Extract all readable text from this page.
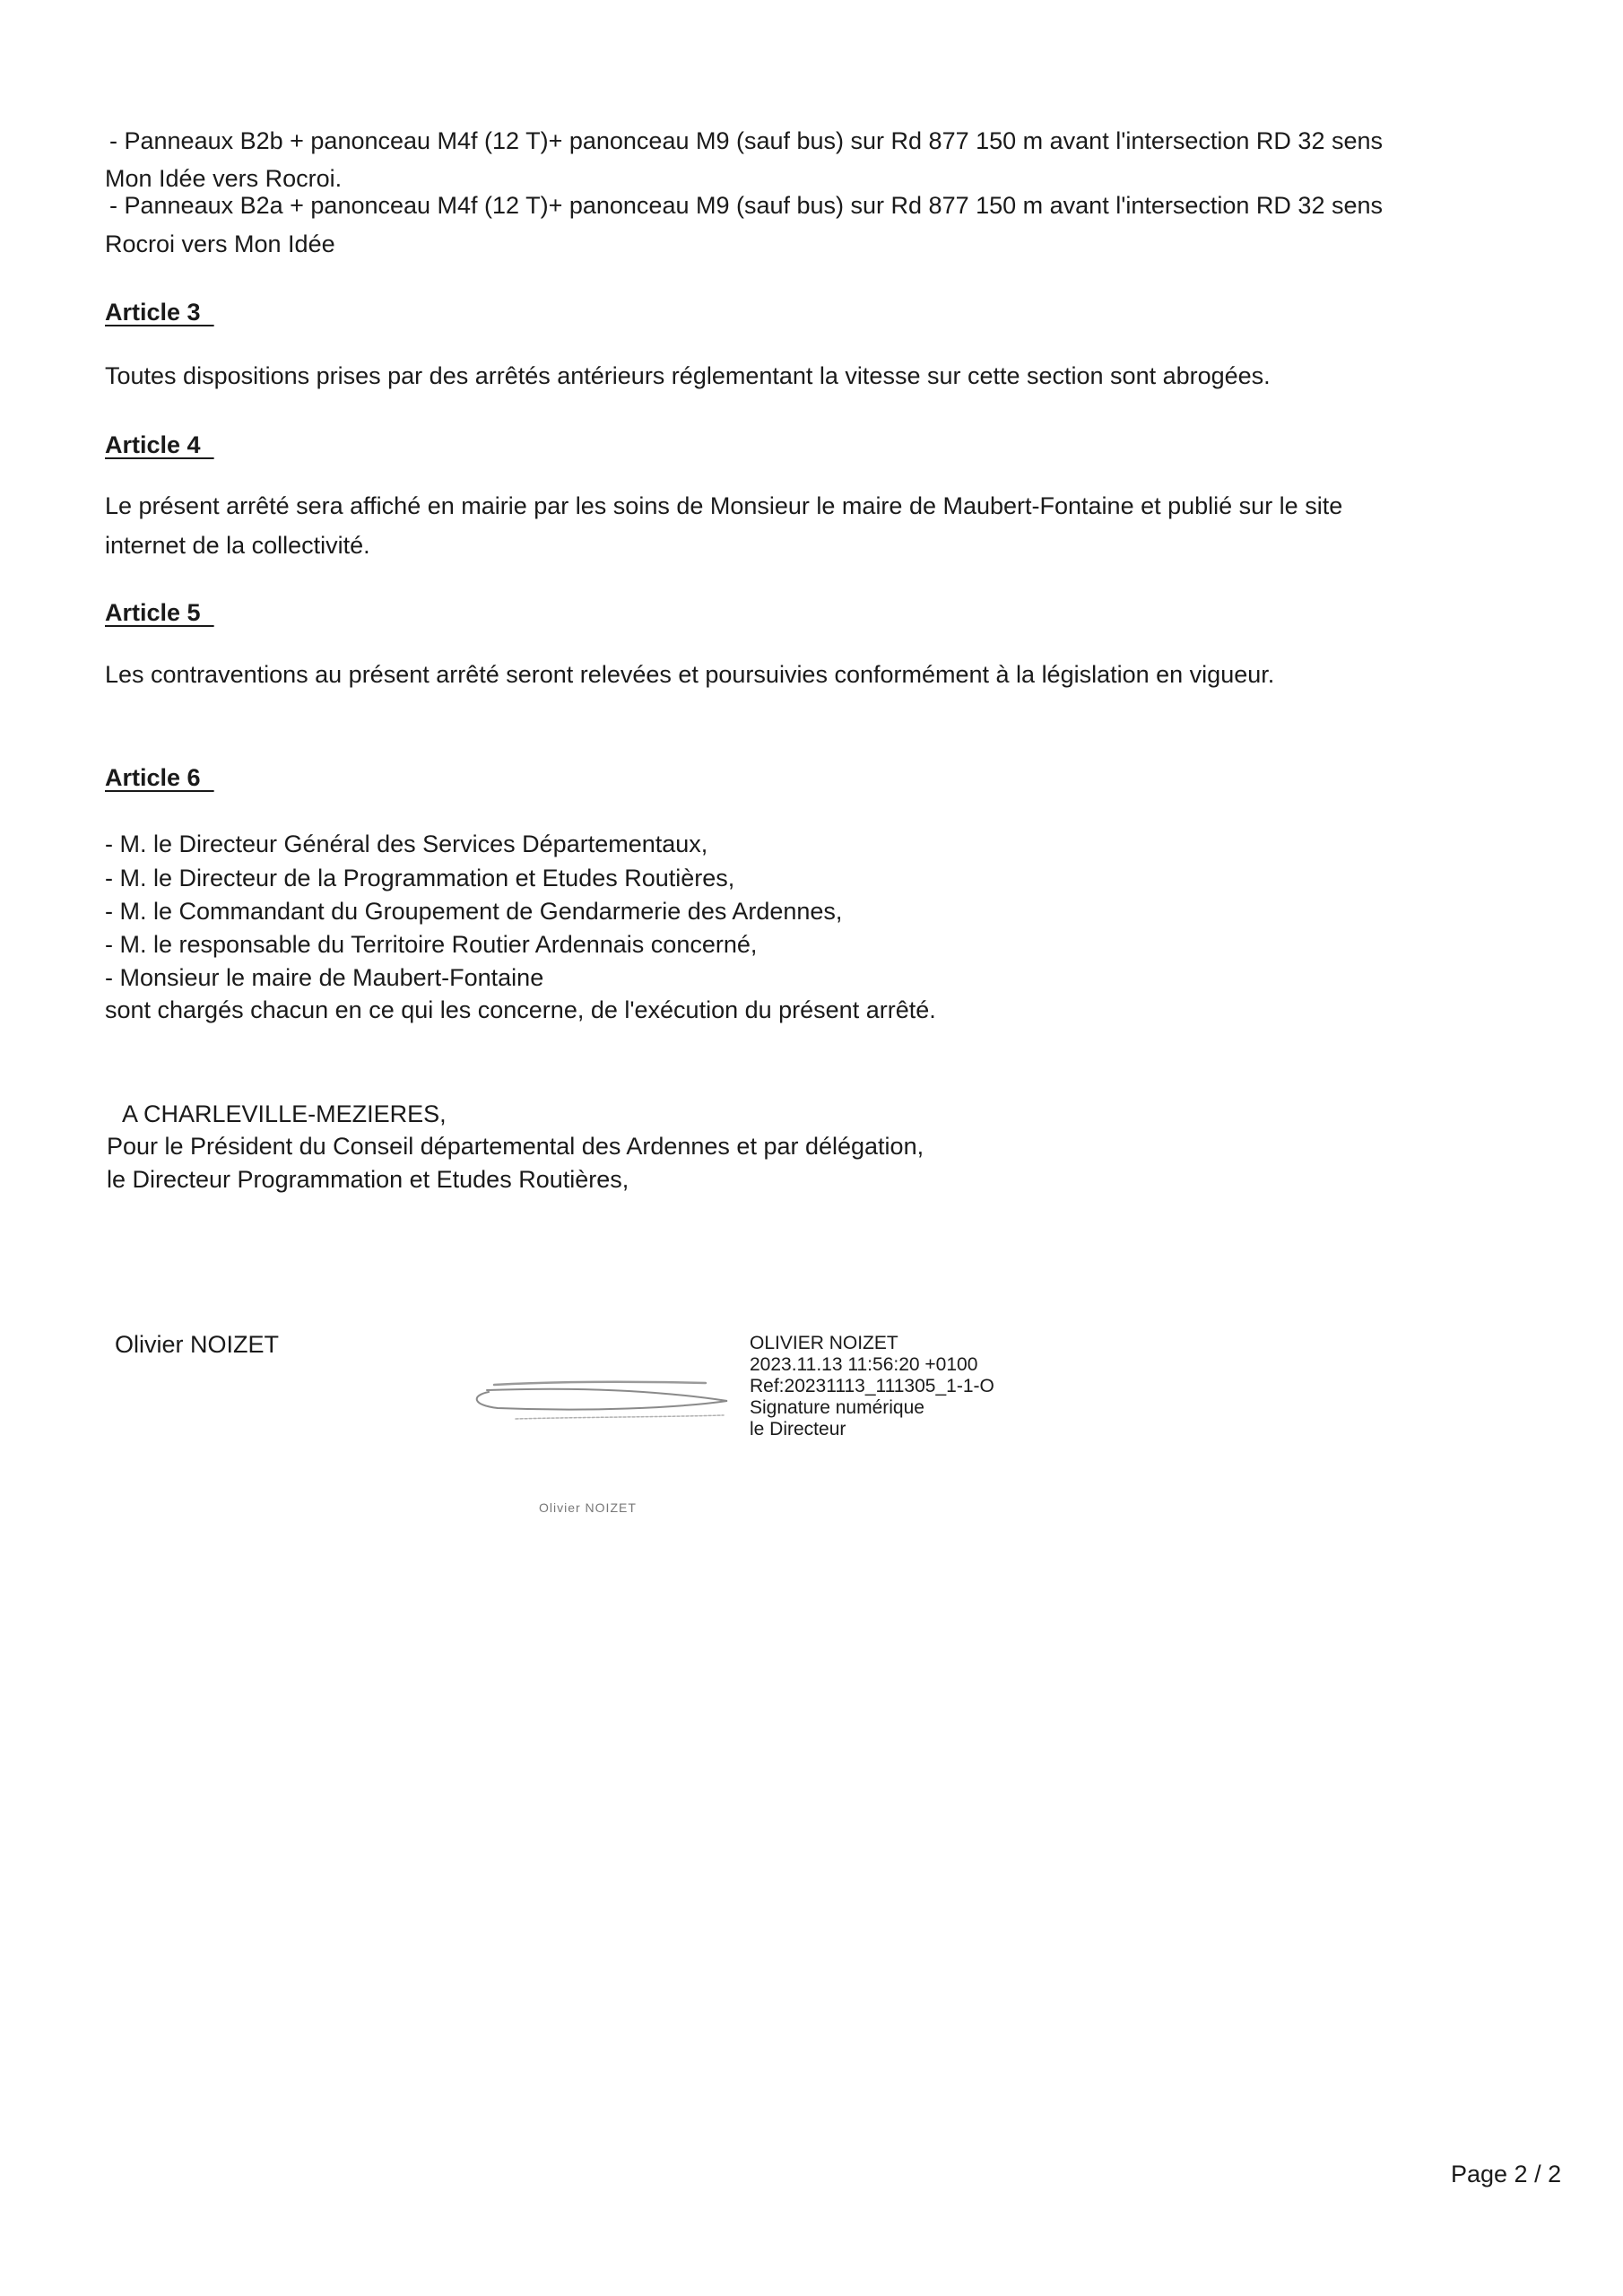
- Panneaux B2b + panonceau M4f (12 T)+ panonceau M9 (sauf bus) sur Rd 877 150 m avant l'intersection RD 32 sens
Mon Idée vers Rocroi.
- Panneaux B2a + panonceau M4f (12 T)+ panonceau M9 (sauf bus) sur Rd 877 150 m avant l'intersection RD 32 sens
Rocroi vers Mon Idée
Article 3
Toutes dispositions prises par des arrêtés antérieurs réglementant la vitesse sur cette section sont abrogées.
Article 4
Le présent arrêté sera affiché en mairie par les soins de Monsieur le maire de Maubert-Fontaine et publié sur le site
internet de la collectivité.
Article 5
Les contraventions au présent arrêté seront relevées et poursuivies conformément à la législation en vigueur.
Article 6
- M. le Directeur Général des Services Départementaux,
- M. le Directeur de la Programmation et Etudes Routières,
- M. le Commandant du Groupement de Gendarmerie des Ardennes,
- M. le responsable du Territoire Routier Ardennais concerné,
- Monsieur le maire de Maubert-Fontaine
sont chargés chacun en ce qui les concerne, de l'exécution du présent arrêté.
A CHARLEVILLE-MEZIERES,
Pour le Président du Conseil départemental des Ardennes et par délégation,
le Directeur Programmation et Etudes Routières,
Olivier NOIZET	OLIVIER NOIZET
2023.11.13 11:56:20 +0100
Ref:20231113_111305_1-1-O
Signature numérique
le Directeur
Olivier NOIZET
Page 2 / 2
